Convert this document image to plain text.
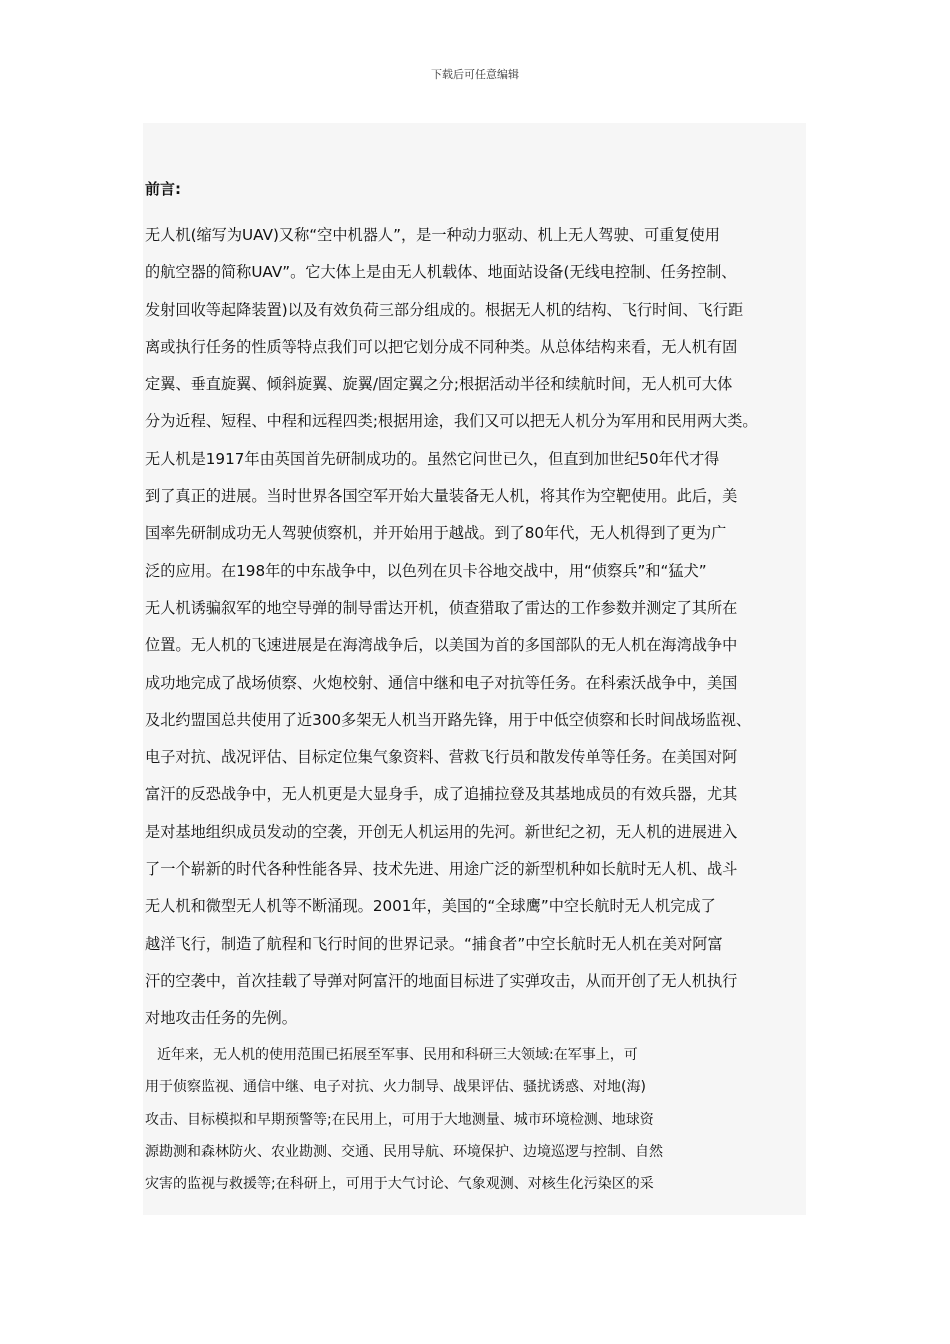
下载后可任意编辑
前言:
无人机(缩写为UAV)又称“空中机器人”，是一种动力驱动、机上无人驾驶、可重复使用
的航空器的简称UAV”。它大体上是由无人机载体、地面站设备(无线电控制、任务控制、
发射回收等起降装置)以及有效负荷三部分组成的。根据无人机的结构、飞行时间、飞行距
离或执行任务的性质等特点我们可以把它划分成不同种类。从总体结构来看，无人机有固
定翼、垂直旋翼、倾斜旋翼、旋翼/固定翼之分;根据活动半径和续航时间，无人机可大体
分为近程、短程、中程和远程四类;根据用途，我们又可以把无人机分为军用和民用两大类。
无人机是1917年由英国首先研制成功的。虽然它问世已久，但直到加世纪50年代才得
到了真正的进展。当时世界各国空军开始大量装备无人机，将其作为空靶使用。此后，美
国率先研制成功无人驾驶侦察机，并开始用于越战。到了80年代，无人机得到了更为广
泛的应用。在198年的中东战争中，以色列在贝卡谷地交战中，用“侦察兵”和“猛犬”
无人机诱骗叙军的地空导弹的制导雷达开机，侦查猎取了雷达的工作参数并测定了其所在
位置。无人机的飞速进展是在海湾战争后，以美国为首的多国部队的无人机在海湾战争中
成功地完成了战场侦察、火炮校射、通信中继和电子对抗等任务。在科索沃战争中，美国
及北约盟国总共使用了近300多架无人机当开路先锋，用于中低空侦察和长时间战场监视、
电子对抗、战况评估、目标定位集气象资料、营救飞行员和散发传单等任务。在美国对阿
富汗的反恐战争中，无人机更是大显身手，成了追捕拉登及其基地成员的有效兵器，尤其
是对基地组织成员发动的空袭，开创无人机运用的先河。新世纪之初，无人机的进展进入
了一个崭新的时代各种性能各异、技术先进、用途广泛的新型机种如长航时无人机、战斗
无人机和微型无人机等不断涌现。2001年，美国的“全球鹰”中空长航时无人机完成了
越洋飞行，制造了航程和飞行时间的世界记录。“捕食者”中空长航时无人机在美对阿富
汗的空袭中，首次挂载了导弹对阿富汗的地面目标进了实弹攻击，从而开创了无人机执行
对地攻击任务的先例。
近年来，无人机的使用范围已拓展至军事、民用和科研三大领域:在军事上，可
用于侦察监视、通信中继、电子对抗、火力制导、战果评估、骚扰诱惑、对地(海)
攻击、目标模拟和早期预警等;在民用上，可用于大地测量、城市环境检测、地球资
源勘测和森林防火、农业勘测、交通、民用导航、环境保护、边境巡逻与控制、自然
灾害的监视与救援等;在科研上，可用于大气讨论、气象观测、对核生化污染区的采
